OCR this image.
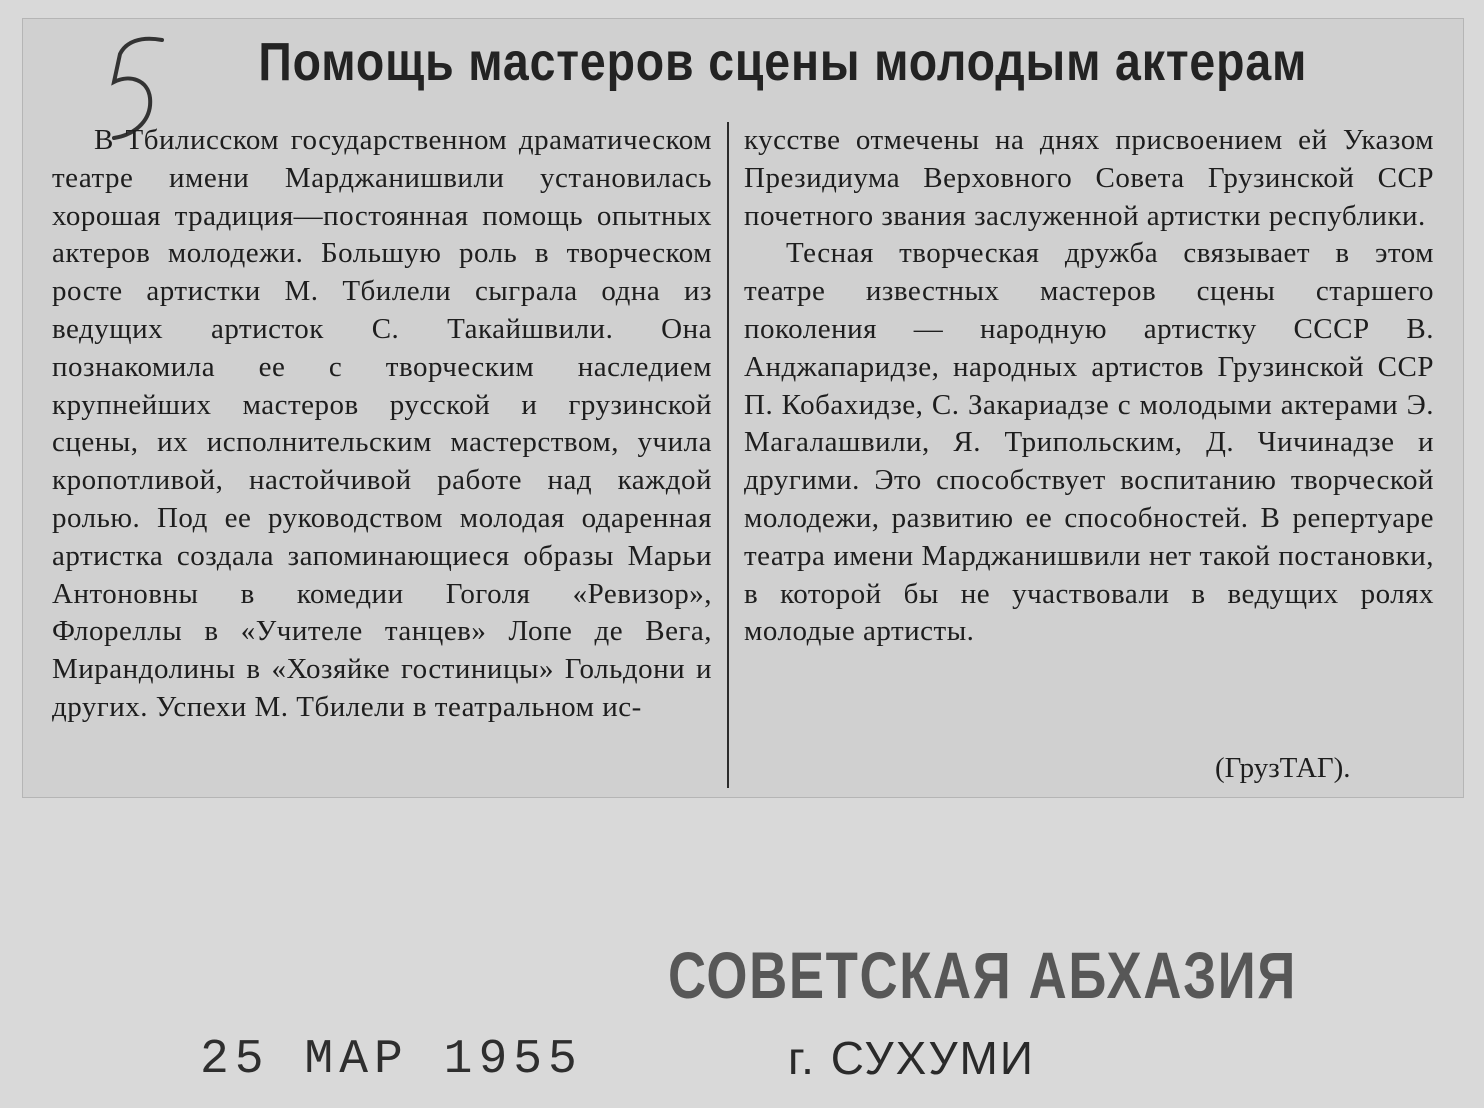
Помощь мастеров сцены молодым актерам

В Тбилисском государственном драматическом театре имени Марджанишвили установилась хорошая традиция—постоянная помощь опытных актеров молодежи. Большую роль в творческом росте артистки М. Тбилели сыграла одна из ведущих артисток С. Такайшвили. Она познакомила ее с творческим наследием крупнейших мастеров русской и грузинской сцены, их исполнительским мастерством, учила кропотливой, настойчивой работе над каждой ролью. Под ее руководством молодая одаренная артистка создала запоминающиеся образы Марьи Антоновны в комедии Гоголя «Ревизор», Флореллы в «Учителе танцев» Лопе де Вега, Мирандолины в «Хозяйке гостиницы» Гольдони и других. Успехи М. Тбилели в театральном ис-

кусстве отмечены на днях присвоением ей Указом Президиума Верховного Совета Грузинской ССР почетного звания заслуженной артистки республики.

Тесная творческая дружба связывает в этом театре известных мастеров сцены старшего поколения — народную артистку СССР В. Анджапаридзе, народных артистов Грузинской ССР П. Кобахидзе, С. Закариадзе с молодыми актерами Э. Магалашвили, Я. Трипольским, Д. Чичинадзе и другими. Это способствует воспитанию творческой молодежи, развитию ее способностей. В репертуаре театра имени Марджанишвили нет такой постановки, в которой бы не участвовали в ведущих ролях молодые артисты.

(ГрузТАГ).
СОВЕТСКАЯ АБХАЗИЯ
25 МАР 1955	г. СУХУМИ
